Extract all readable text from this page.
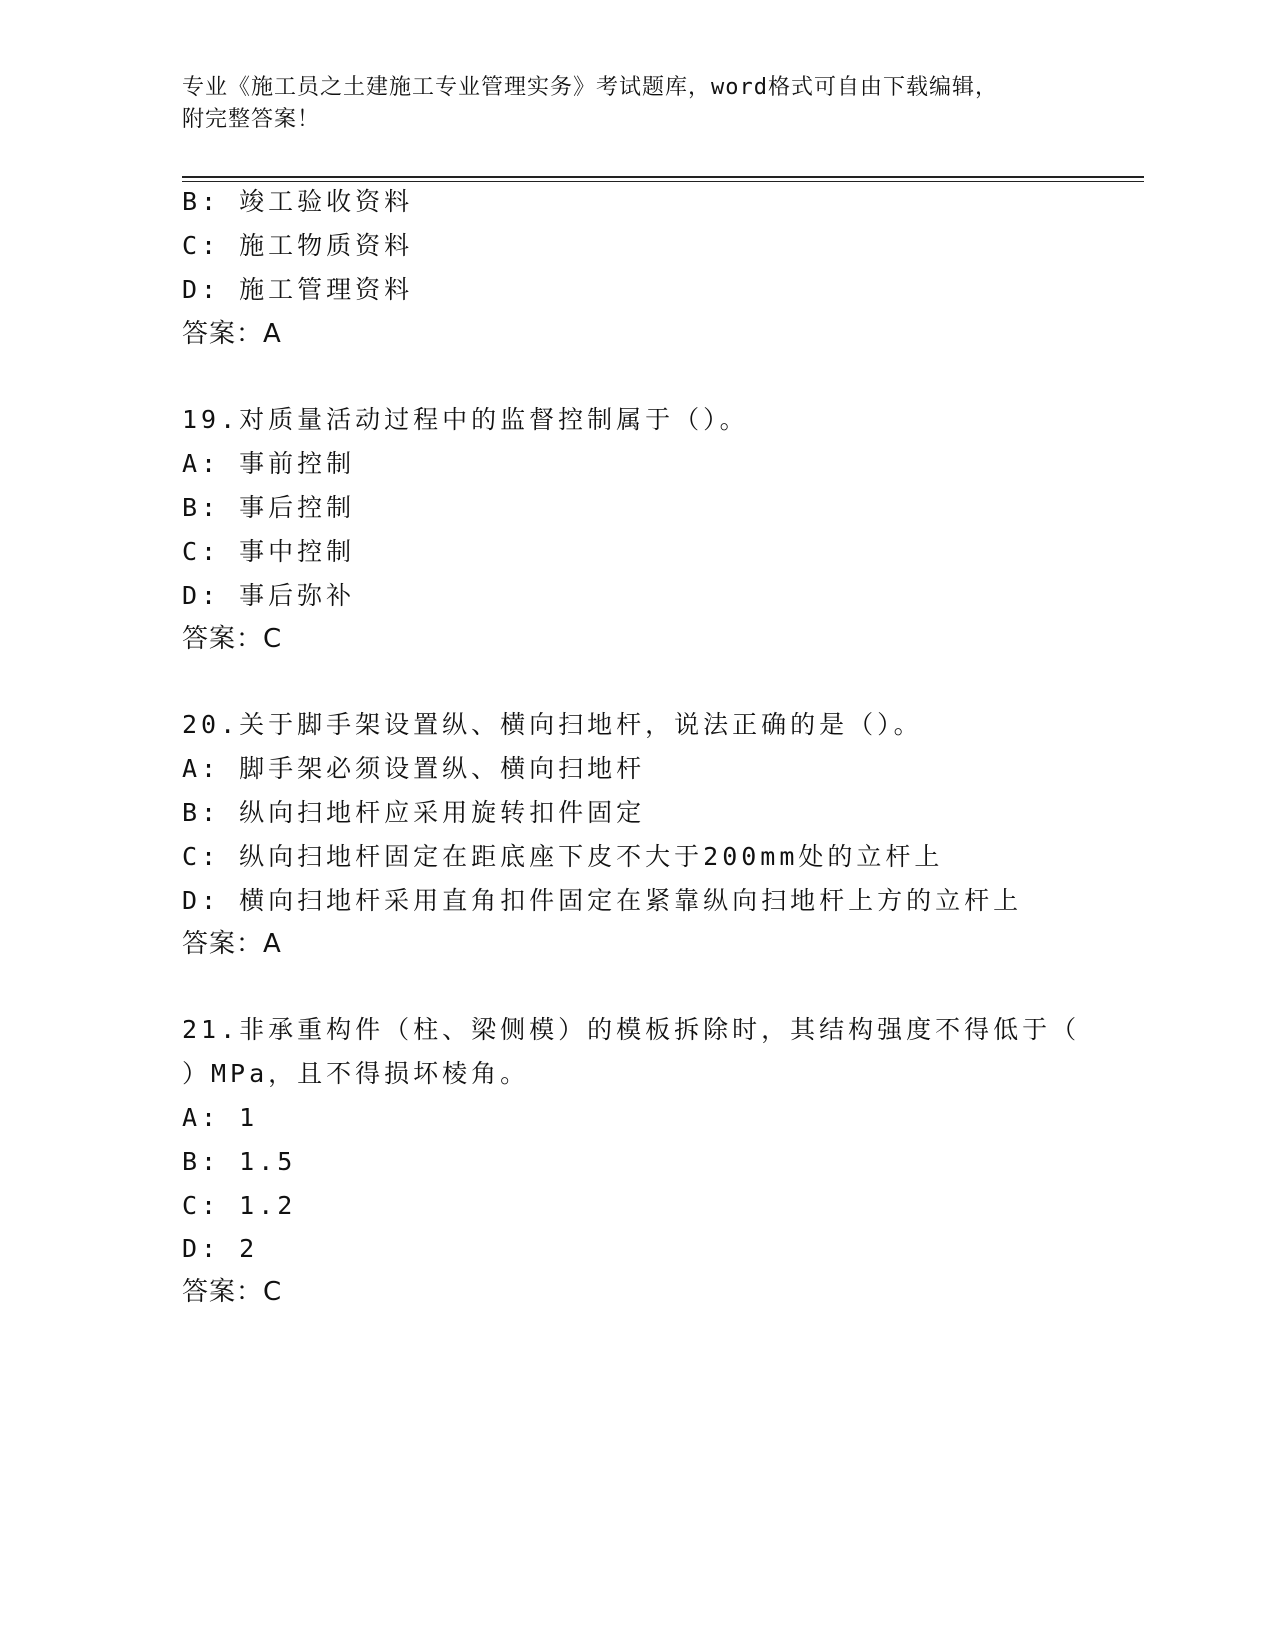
专业《施工员之土建施工专业管理实务》考试题库，word格式可自由下载编辑，
附完整答案！
B: 竣工验收资料
C: 施工物质资料
D: 施工管理资料
答案：A
19.对质量活动过程中的监督控制属于（）。
A: 事前控制
B: 事后控制
C: 事中控制
D: 事后弥补
答案：C
20.关于脚手架设置纵、横向扫地杆，说法正确的是（）。
A: 脚手架必须设置纵、横向扫地杆
B: 纵向扫地杆应采用旋转扣件固定
C: 纵向扫地杆固定在距底座下皮不大于200mm处的立杆上
D: 横向扫地杆采用直角扣件固定在紧靠纵向扫地杆上方的立杆上
答案：A
21.非承重构件（柱、梁侧模）的模板拆除时，其结构强度不得低于（
）MPa，且不得损坏棱角。
A: 1
B: 1.5
C: 1.2
D: 2
答案：C
